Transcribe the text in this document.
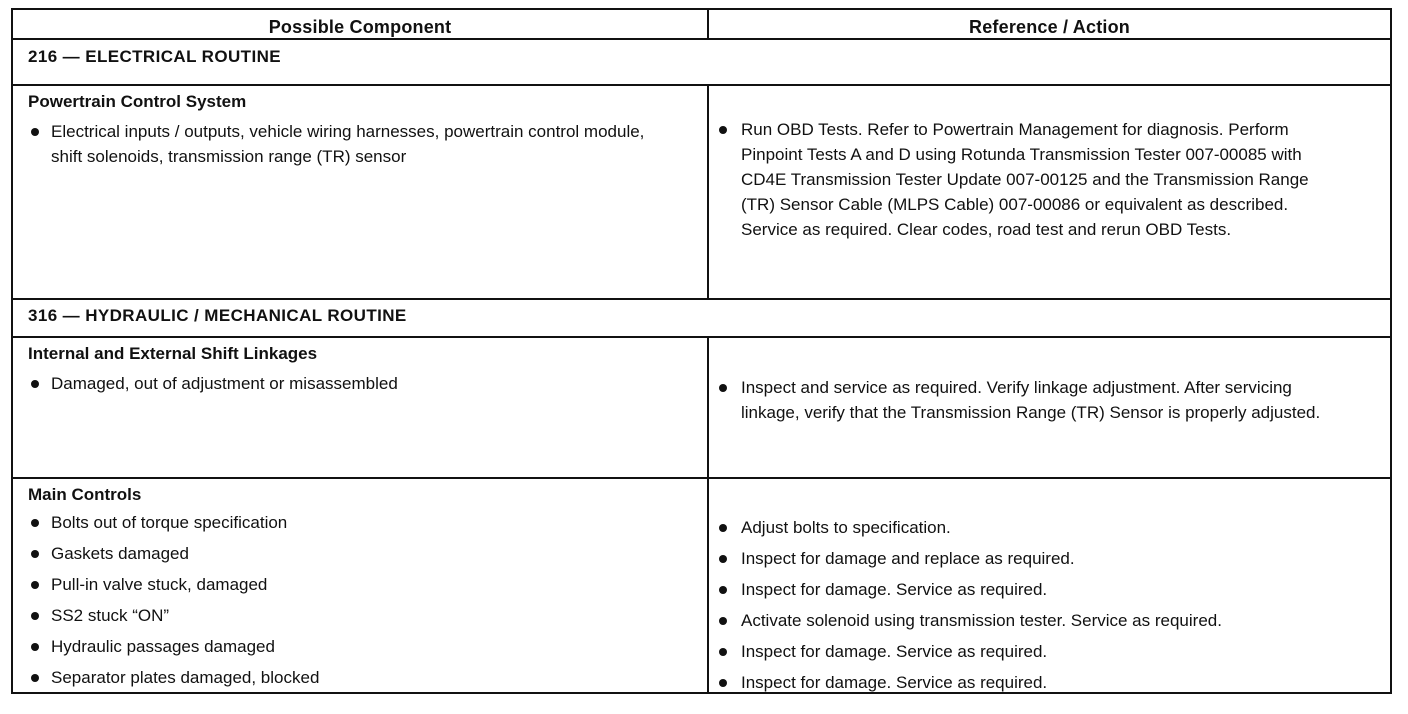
Possible Component	Reference / Action
216 — ELECTRICAL ROUTINE
Powertrain Control System
Electrical inputs / outputs, vehicle wiring harnesses, powertrain control module, shift solenoids, transmission range (TR) sensor
Run OBD Tests. Refer to Powertrain Management for diagnosis. Perform Pinpoint Tests A and D using Rotunda Transmission Tester 007-00085 with CD4E Transmission Tester Update 007-00125 and the Transmission Range (TR) Sensor Cable (MLPS Cable) 007-00086 or equivalent as described. Service as required. Clear codes, road test and rerun OBD Tests.
316 — HYDRAULIC / MECHANICAL ROUTINE
Internal and External Shift Linkages
Damaged, out of adjustment or misassembled	Inspect and service as required. Verify linkage adjustment. After servicing linkage, verify that the Transmission Range (TR) Sensor is properly adjusted.
Main Controls
Bolts out of torque specification
Gaskets damaged
Pull-in valve stuck, damaged
SS2 stuck “ON”
Hydraulic passages damaged
Separator plates damaged, blocked
Adjust bolts to specification.
Inspect for damage and replace as required.
Inspect for damage. Service as required.
Activate solenoid using transmission tester. Service as required.
Inspect for damage. Service as required.
Inspect for damage. Service as required.
